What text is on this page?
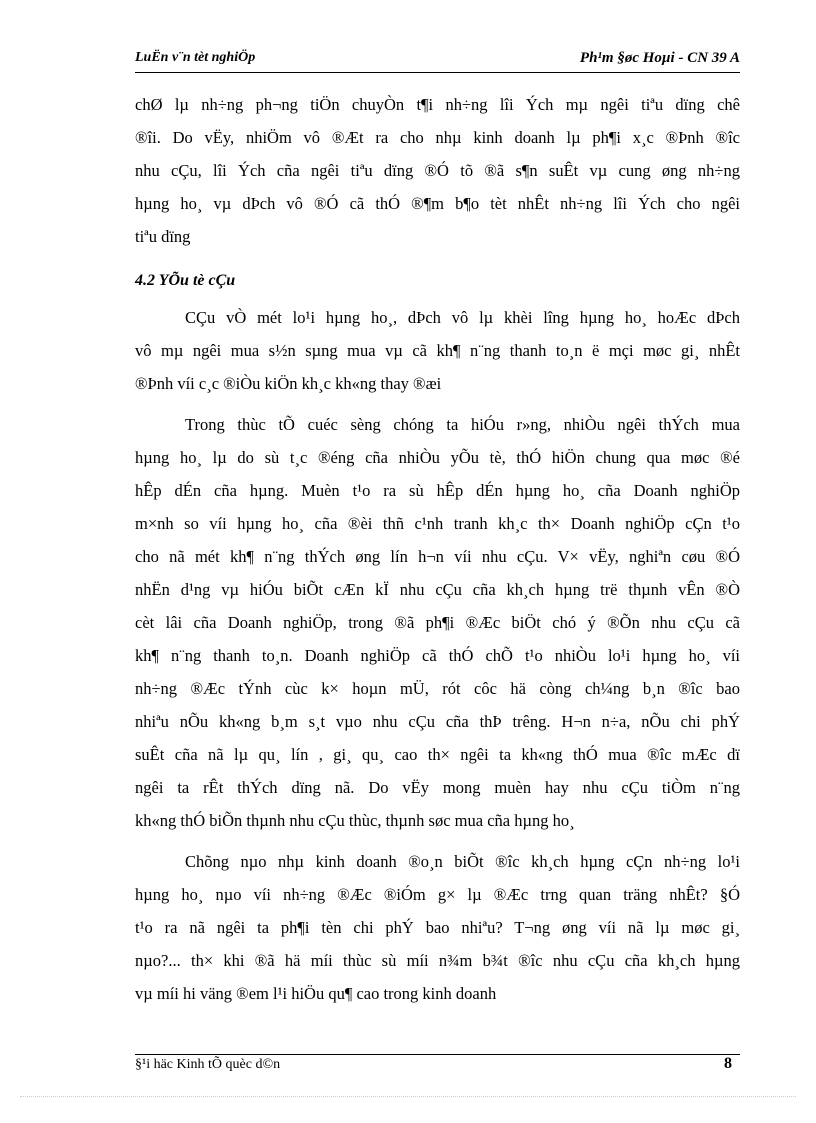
LuËn v¨n tèt nghiÖp	Ph¹m §øc Hoµi - CN 39 A
chØ lµ nh÷ng ph¬ng tiÖn chuyÒn t¶i nh÷ng lîi Ých mµ ngêi tiªu dïng chê
®îi. Do vËy, nhiÖm vô ®Æt ra cho nhµ kinh doanh lµ ph¶i x¸c ®Þnh ®îc
nhu cÇu, lîi Ých cña ngêi tiªu dïng ®Ó tõ ®ã s¶n suÊt vµ cung øng nh÷ng
hµng ho¸ vµ dÞch vô ®Ó cã thÓ ®¶m b¶o tèt nhÊt nh÷ng lîi Ých cho ngêi
tiªu dïng
4.2 YÕu tè cÇu
CÇu vÒ mét lo¹i hµng ho¸, dÞch vô lµ khèi lîng hµng ho¸ hoÆc dÞch
vô mµ ngêi mua s½n sµng mua vµ cã kh¶ n¨ng thanh to¸n ë mçi møc gi¸ nhÊt
®Þnh víi c¸c ®iÒu kiÖn kh¸c kh«ng thay ®æi
Trong thùc tÕ cuéc sèng chóng ta hiÓu r»ng, nhiÒu ngêi thÝch mua
hµng ho¸ lµ do sù t¸c ®éng cña nhiÒu yÕu tè, thÓ hiÖn chung qua møc ®é
hÊp dÉn cña hµng. Muèn t¹o ra sù hÊp dÉn hµng ho¸ cña Doanh nghiÖp
m×nh so víi hµng ho¸ cña ®èi thñ c¹nh tranh kh¸c th× Doanh nghiÖp cÇn t¹o
cho nã mét kh¶ n¨ng thÝch øng lín h¬n víi nhu cÇu. V× vËy, nghiªn cøu ®Ó
nhËn d¹ng vµ hiÓu biÕt cÆn kÏ nhu cÇu cña kh¸ch hµng trë thµnh vÊn ®Ò
cèt lâi cña Doanh nghiÖp, trong ®ã ph¶i ®Æc biÖt chó ý ®Õn nhu cÇu cã
kh¶ n¨ng thanh to¸n. Doanh nghiÖp cã thÓ chÕ t¹o nhiÒu lo¹i hµng ho¸ víi
nh÷ng ®Æc tÝnh cùc k× hoµn mÜ, rót côc hä còng ch¼ng b¸n ®îc bao
nhiªu nÕu kh«ng b¸m s¸t vµo nhu cÇu cña thÞ trêng. H¬n n÷a, nÕu chi phÝ
suÊt cña nã lµ qu¸ lín , gi¸ qu¸ cao th× ngêi ta kh«ng thÓ mua ®îc mÆc dï
ngêi ta rÊt thÝch dïng nã. Do vËy mong muèn hay nhu cÇu tiÒm n¨ng
kh«ng thÓ biÕn thµnh nhu cÇu thùc, thµnh søc mua cña hµng ho¸
Chõng nµo nhµ kinh doanh ®o¸n biÕt ®îc kh¸ch hµng cÇn nh÷ng lo¹i
hµng ho¸ nµo víi nh÷ng ®Æc ®iÓm g× lµ ®Æc trng quan träng nhÊt? §Ó
t¹o ra nã ngêi ta ph¶i tèn chi phÝ bao nhiªu? T¬ng øng víi nã lµ møc gi¸
nµo?... th× khi ®ã hä míi thùc sù míi n¾m b¾t ®îc nhu cÇu cña kh¸ch hµng
vµ míi hi väng ®em l¹i hiÖu qu¶ cao trong kinh doanh
§¹i häc Kinh tÕ quèc d©n	8
